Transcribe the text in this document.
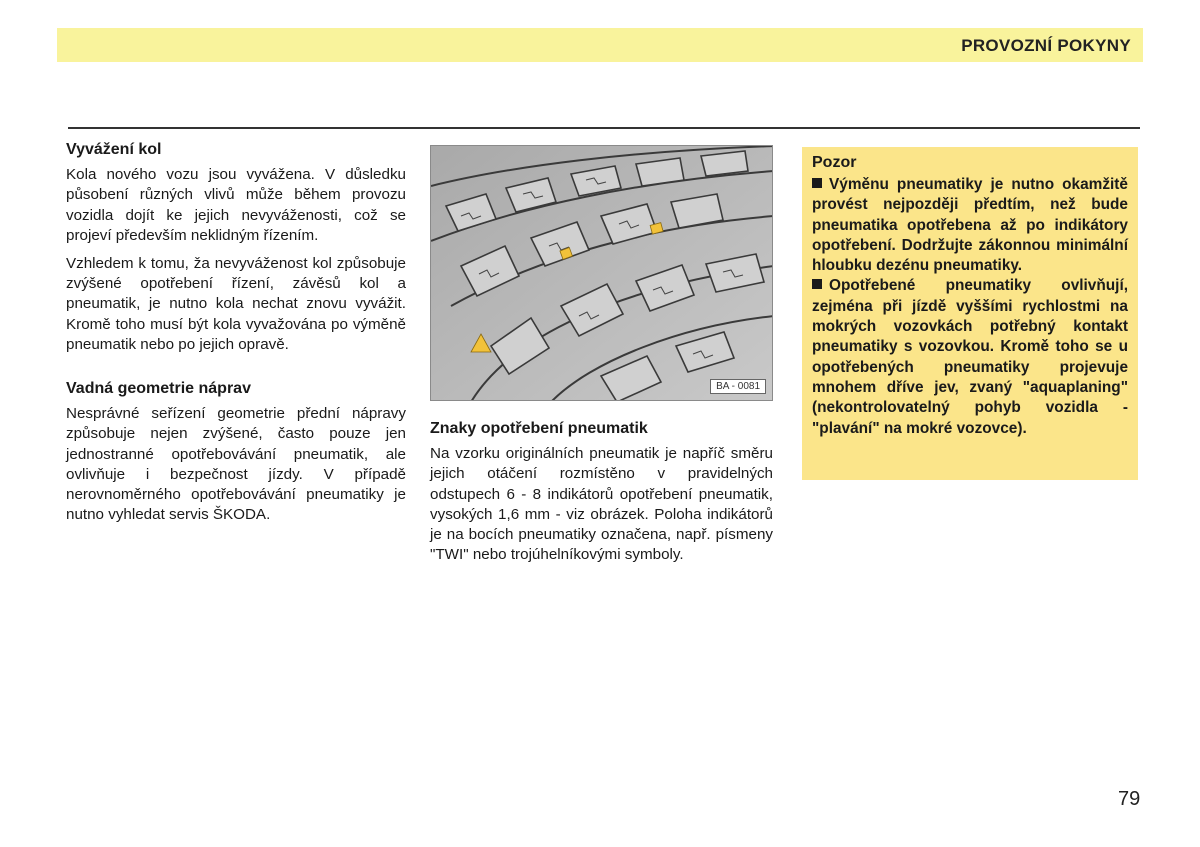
PROVOZNÍ POKYNY
Vyvážení kol

Kola nového vozu jsou vyvážena. V důsledku působení různých vlivů může během provozu vozidla dojít ke jejich nevyváženosti, což se projeví především neklidným řízením.

Vzhledem k tomu, ža nevyváženost kol způsobuje zvýšené opotřebení řízení, závěsů kol a pneumatik, je nutno kola nechat znovu vyvážit. Kromě toho musí být kola vyvažována po výměně pneumatik nebo po jejich opravě.

Vadná geometrie náprav

Nesprávné seřízení geometrie přední nápravy způsobuje nejen zvýšené, často pouze jen jednostranné opotřebovávání pneumatik, ale ovlivňuje i bezpečnost jízdy. V případě nerovnoměrného opotřebovávání pneumatiky je nutno vyhledat servis ŠKODA.

BA - 0081
Znaky opotřebení pneumatik

Na vzorku originálních pneumatik je napříč směru jejich otáčení rozmístěno v pravidelných odstupech 6 - 8 indikátorů opotřebení pneumatik, vysokých 1,6 mm - viz obrázek. Poloha indikátorů je na bocích pneumatiky označena, např. písmeny "TWI" nebo trojúhelníkovými symboly.

Pozor

Výměnu pneumatiky je nutno okamžitě provést nejpozději předtím, než bude pneumatika opotřebena až po indikátory opotřebení. Dodržujte zákonnou minimální hloubku dezénu pneumatiky.

Opotřebené pneumatiky ovlivňují, zejména při jízdě vyššími rychlostmi na mokrých vozovkách potřebný kontakt pneumatiky s vozovkou. Kromě toho se u opotřebených pneumatiky projevuje mnohem dříve jev, zvaný "aquaplaning" (nekontrolovatelný pohyb vozidla - "plavání" na mokré vozovce).

79
